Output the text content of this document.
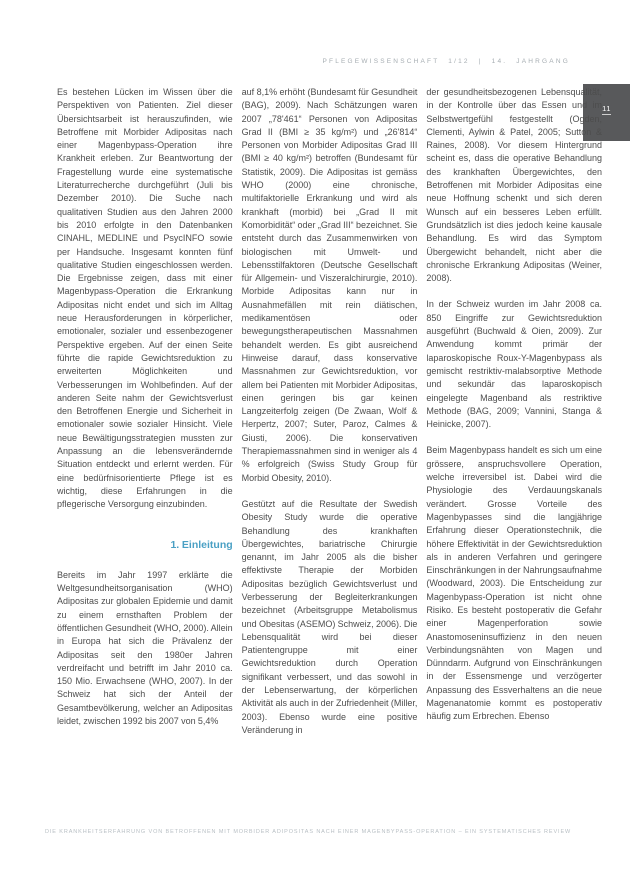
PFLEGEWISSENSCHAFT 1/12 | 14. JAHRGANG
11

Es bestehen Lücken im Wissen über die Perspektiven von Patienten. Ziel dieser Übersichtsarbeit ist herauszufinden, wie Betroffene mit Morbider Adipositas nach einer Magenbypass-Operation ihre Krankheit erleben. Zur Beantwortung der Fragestellung wurde eine systematische Literaturrecherche durchgeführt (Juli bis Dezember 2010). Die Suche nach qualitativen Studien aus den Jahren 2000 bis 2010 erfolgte in den Datenbanken CINAHL, MEDLINE und PsycINFO sowie per Handsuche. Insgesamt konnten fünf qualitative Studien eingeschlossen werden. Die Ergebnisse zeigen, dass mit einer Magenbypass-Operation die Erkrankung Adipositas nicht endet und sich im Alltag neue Herausforderungen in körperlicher, emotionaler, sozialer und essenbezogener Perspektive ergeben. Auf der einen Seite führte die rapide Gewichtsreduktion zu erweiterten Möglichkeiten und Verbesserungen im Wohlbefinden. Auf der anderen Seite nahm der Gewichtsverlust den Betroffenen Energie und Sicherheit in emotionaler sowie sozialer Hinsicht. Viele neue Bewältigungsstrategien mussten zur Anpassung an die lebensverändernde Situation entdeckt und erlernt werden. Für eine bedürfnisorientierte Pflege ist es wichtig, diese Erfahrungen in die pflegerische Versorgung einzubinden.

1. Einleitung

Bereits im Jahr 1997 erklärte die Weltgesundheitsorganisation (WHO) Adipositas zur globalen Epidemie und damit zu einem ernsthaften Problem der öffentlichen Gesundheit (WHO, 2000). Allein in Europa hat sich die Prävalenz der Adipositas seit den 1980er Jahren verdreifacht und betrifft im Jahr 2010 ca. 150 Mio. Erwachsene (WHO, 2007). In der Schweiz hat sich der Anteil der Gesamtbevölkerung, welcher an Adipositas leidet, zwischen 1992 bis 2007 von 5,4%

auf 8,1% erhöht (Bundesamt für Gesundheit (BAG), 2009). Nach Schätzungen waren 2007 „78'461“ Personen von Adipositas Grad II (BMI ≥ 35 kg/m²) und „26'814“ Personen von Morbider Adipositas Grad III (BMI ≥ 40 kg/m²) betroffen (Bundesamt für Statistik, 2009). Die Adipositas ist gemäss WHO (2000) eine chronische, multifaktorielle Erkrankung und wird als krankhaft (morbid) bei „Grad II mit Komorbidität“ oder „Grad III“ bezeichnet. Sie entsteht durch das Zusammenwirken von biologischen mit Umwelt- und Lebensstilfaktoren (Deutsche Gesellschaft für Allgemein- und Viszeralchirurgie, 2010). Morbide Adipositas kann nur in Ausnahmefällen mit rein diätischen, medikamentösen oder bewegungstherapeutischen Massnahmen behandelt werden. Es gibt ausreichend Hinweise darauf, dass konservative Massnahmen zur Gewichtsreduktion, vor allem bei Patienten mit Morbider Adipositas, einen geringen bis gar keinen Langzeiterfolg zeigen (De Zwaan, Wolf & Herpertz, 2007; Suter, Paroz, Calmes & Giusti, 2006). Die konservativen Therapiemassnahmen sind in weniger als 4 % erfolgreich (Swiss Study Group für Morbid Obesity, 2010).

Gestützt auf die Resultate der Swedish Obesity Study wurde die operative Behandlung des krankhaften Übergewichtes, bariatrische Chirurgie genannt, im Jahr 2005 als die bisher effektivste Therapie der Morbiden Adipositas bezüglich Gewichtsverlust und Verbesserung der Begleiterkrankungen bezeichnet (Arbeitsgruppe Metabolismus und Obesitas (ASEMO) Schweiz, 2006). Die Lebensqualität wird bei dieser Patientengruppe mit einer Gewichtsreduktion durch Operation signifikant verbessert, und das sowohl in der Lebenserwartung, der körperlichen Aktivität als auch in der Zufriedenheit (Miller, 2003). Ebenso wurde eine positive Veränderung in

der gesundheitsbezogenen Lebensqualität, in der Kontrolle über das Essen und im Selbstwertgefühl festgestellt (Ogden, Clementi, Aylwin & Patel, 2005; Sutton & Raines, 2008). Vor diesem Hintergrund scheint es, dass die operative Behandlung des krankhaften Übergewichtes, den Betroffenen mit Morbider Adipositas eine neue Hoffnung schenkt und sich deren Wunsch auf ein besseres Leben erfüllt. Grundsätzlich ist dies jedoch keine kausale Behandlung. Es wird das Symptom Übergewicht behandelt, nicht aber die chronische Erkrankung Adipositas (Weiner, 2008).

In der Schweiz wurden im Jahr 2008 ca. 850 Eingriffe zur Gewichtsreduktion ausgeführt (Buchwald & Oien, 2009). Zur Anwendung kommt primär der laparoskopische Roux-Y-Magenbypass als gemischt restriktiv-malabsorptive Methode und sekundär das laparoskopisch eingelegte Magenband als restriktive Methode (BAG, 2009; Vannini, Stanga & Heinicke, 2007).

Beim Magenbypass handelt es sich um eine grössere, anspruchsvollere Operation, welche irreversibel ist. Dabei wird die Physiologie des Verdauungskanals verändert. Grosse Vorteile des Magenbypasses sind die langjährige Erfahrung dieser Operationstechnik, die höhere Effektivität in der Gewichtsreduktion als in anderen Verfahren und geringere Einschränkungen in der Nahrungsaufnahme (Woodward, 2003). Die Entscheidung zur Magenbypass-Operation ist nicht ohne Risiko. Es besteht postoperativ die Gefahr einer Magenperforation sowie Anastomoseninsuffizienz in den neuen Verbindungsnähten von Magen und Dünndarm. Aufgrund von Einschränkungen in der Essensmenge und verzögerter Anpassung des Essverhaltens an die neue Magenanatomie kommt es postoperativ häufig zum Erbrechen. Ebenso

DIE KRANKHEITSERFAHRUNG VON BETROFFENEN MIT MORBIDER ADIPOSITAS NACH EINER MAGENBYPASS-OPERATION – EIN SYSTEMATISCHES REVIEW
